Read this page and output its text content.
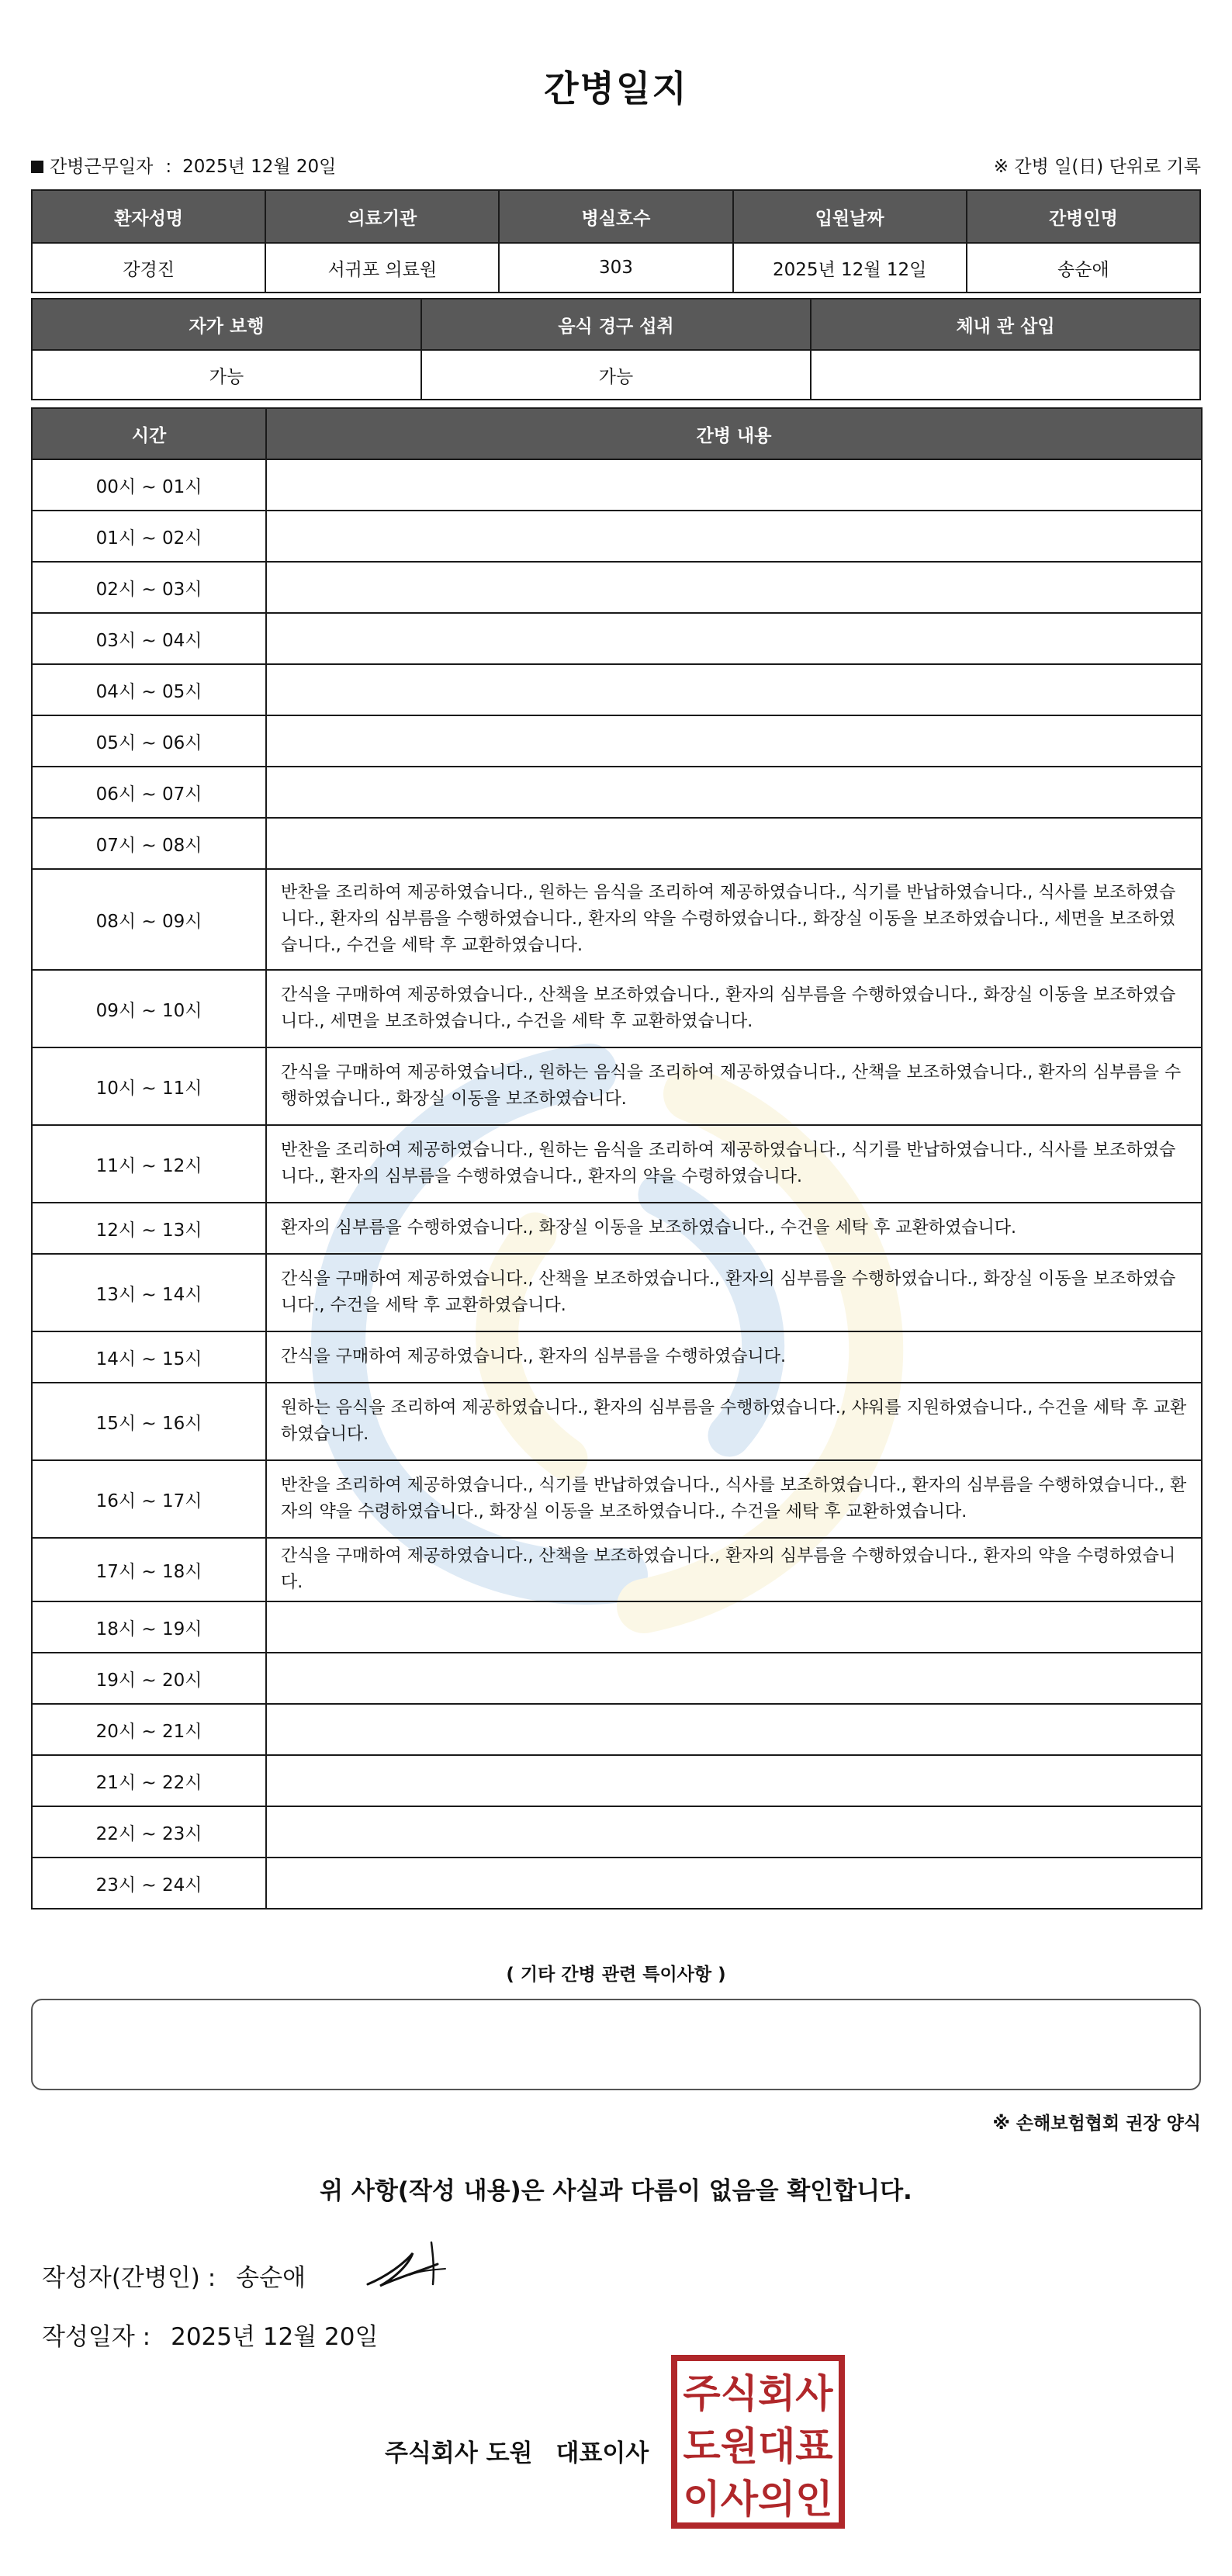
간병일지
간병근무일자 : 2025년 12월 20일	※ 간병 일(日) 단위로 기록
환자성명	의료기관	병실호수	입원날짜	간병인명
강경진	서귀포 의료원	303	2025년 12월 12일	송순애
자가 보행	음식 경구 섭취	체내 관 삽입
가능	가능	
시간	간병 내용
00시 ~ 01시	
01시 ~ 02시	
02시 ~ 03시	
03시 ~ 04시	
04시 ~ 05시	
05시 ~ 06시	
06시 ~ 07시	
07시 ~ 08시	
08시 ~ 09시	반찬을 조리하여 제공하였습니다., 원하는 음식을 조리하여 제공하였습니다., 식기를 반납하였습니다., 식사를 보조하였습니다., 환자의 심부름을 수행하였습니다., 환자의 약을 수령하였습니다., 화장실 이동을 보조하였습니다., 세면을 보조하였습니다., 수건을 세탁 후 교환하였습니다.
09시 ~ 10시	간식을 구매하여 제공하였습니다., 산책을 보조하였습니다., 환자의 심부름을 수행하였습니다., 화장실 이동을 보조하였습니다., 세면을 보조하였습니다., 수건을 세탁 후 교환하였습니다.
10시 ~ 11시	간식을 구매하여 제공하였습니다., 원하는 음식을 조리하여 제공하였습니다., 산책을 보조하였습니다., 환자의 심부름을 수행하였습니다., 화장실 이동을 보조하였습니다.
11시 ~ 12시	반찬을 조리하여 제공하였습니다., 원하는 음식을 조리하여 제공하였습니다., 식기를 반납하였습니다., 식사를 보조하였습니다., 환자의 심부름을 수행하였습니다., 환자의 약을 수령하였습니다.
12시 ~ 13시	환자의 심부름을 수행하였습니다., 화장실 이동을 보조하였습니다., 수건을 세탁 후 교환하였습니다.
13시 ~ 14시	간식을 구매하여 제공하였습니다., 산책을 보조하였습니다., 환자의 심부름을 수행하였습니다., 화장실 이동을 보조하였습니다., 수건을 세탁 후 교환하였습니다.
14시 ~ 15시	간식을 구매하여 제공하였습니다., 환자의 심부름을 수행하였습니다.
15시 ~ 16시	원하는 음식을 조리하여 제공하였습니다., 환자의 심부름을 수행하였습니다., 샤워를 지원하였습니다., 수건을 세탁 후 교환하였습니다.
16시 ~ 17시	반찬을 조리하여 제공하였습니다., 식기를 반납하였습니다., 식사를 보조하였습니다., 환자의 심부름을 수행하였습니다., 환자의 약을 수령하였습니다., 화장실 이동을 보조하였습니다., 수건을 세탁 후 교환하였습니다.
17시 ~ 18시	간식을 구매하여 제공하였습니다., 산책을 보조하였습니다., 환자의 심부름을 수행하였습니다., 환자의 약을 수령하였습니다.
18시 ~ 19시	
19시 ~ 20시	
20시 ~ 21시	
21시 ~ 22시	
22시 ~ 23시	
23시 ~ 24시	
( 기타 간병 관련 특이사항 )
※ 손해보험협회 권장 양식
위 사항(작성 내용)은 사실과 다름이 없음을 확인합니다.
작성자(간병인) : 송순애
작성일자 : 2025년 12월 20일
주식회사 도원 대표이사
주식회사
도원대표
이사의인
